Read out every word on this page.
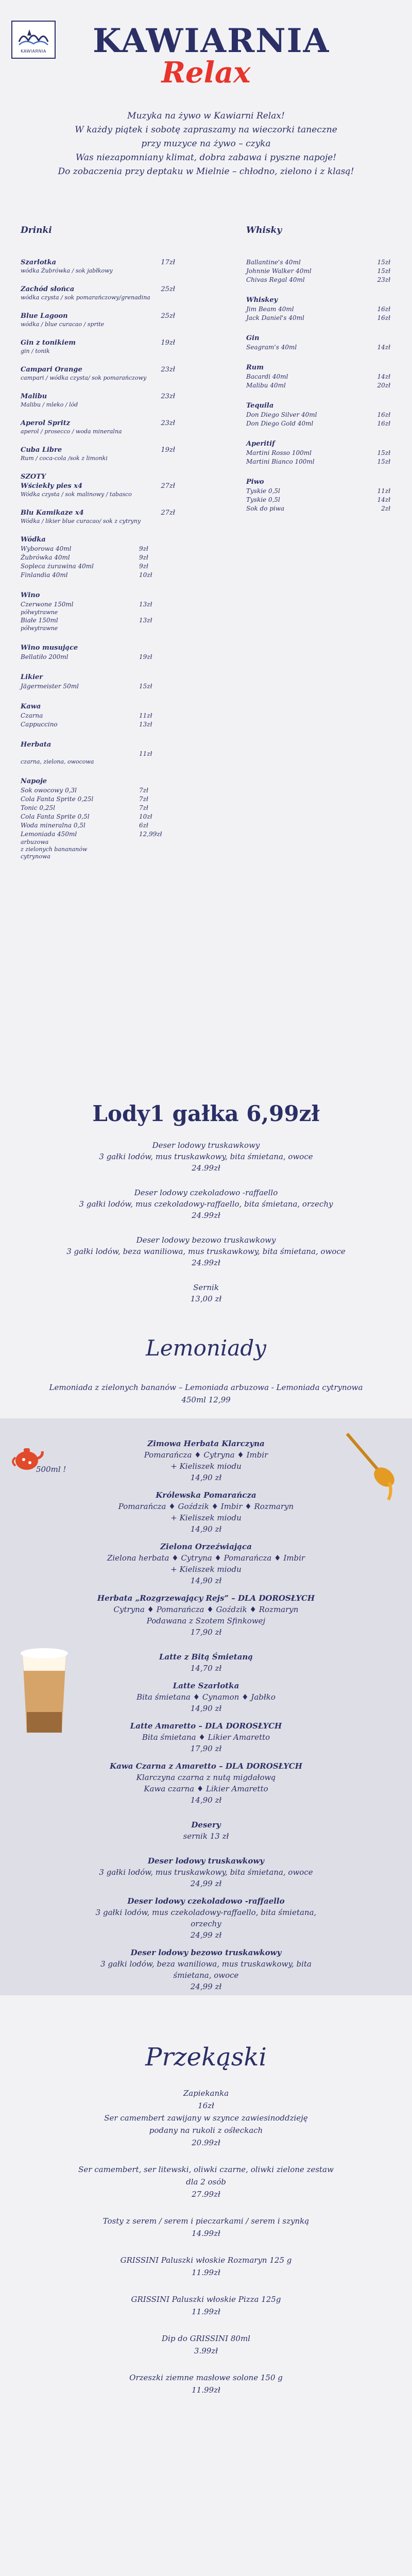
KAWIARNIA KAWIARNIA
Relax

Muzyka na żywo w Kawiarni Relax!

W każdy piątek i sobotę zapraszamy na wieczorki taneczne

przy muzyce na żywo – czyka

Was niezapomniany klimat, dobra zabawa i pyszne napoje!

Do zobaczenia przy deptaku w Mielnie – chłodno, zielono i z klasą!

Drinki
Szarlotka	17zł
wódka Żubrówka / sok jabłkowy
Zachód słońca	25zł
wódka czysta / sok pomarańczowy/grenadina
Blue Lagoon	25zł
wódka / blue curacao / sprite
Gin z tonikiem	19zł
gin / tonik
Campari Orange	23zł
campari / wódka czysta/ sok pomarańczowy
Malibu	23zł
Malibu / mleko / lód
Aperol Spritz	23zł
aperol / prosecco / woda mineralna
Cuba Libre	19zł
Rum / coca-cola /sok z limonki
SZOTY
Wściekły pies x4	27zł
Wódka czysta / sok malinowy / tabasco
Blu Kamikaze x4	27zł
Wódka / likier blue curacao/ sok z cytryny
Wódka
Wyborowa 40ml	9zł
Żubrówka 40ml	9zł
Sopleca żurawina 40ml	9zł
Finlandia 40ml	10zł
Wino
Czerwone 150ml	13zł
półwytrawne
Białe 150ml	13zł
półwytrawne
Wino musujące
Bellatiło 200ml	19zł
Likier
Jägermeister 50ml	15zł
Kawa
Czarna	11zł
Cappuccino	13zł
Herbata
11zł
czarna, zielona, owocowa
Napoje
Sok owocowy 0,3l	7zł
Cola Fanta Sprite 0,25l	7zł
Tonic 0,25l	7zł
Cola Fanta Sprite 0,5l	10zł
Woda mineralna 0,5l	6zł
Lemoniada 450ml	12,99zł
arbuzowa
z zielonych banananów
cytrynowa
Whisky
Ballantine's 40ml	15zł
Johnnie Walker 40ml	15zł
Chivas Regal 40ml	23zł
Whiskey
Jim Beam 40ml	16zł
Jack Daniel's 40ml	16zł
Gin
Seagram's 40ml	14zł
Rum
Bacardi 40ml	14zł
Malibu 40ml	20zł
Tequila
Don Diego Silver 40ml	16zł
Don Diego Gold 40ml	16zł
Aperitif
Martini Rosso 100ml	15zł
Martini Bianco 100ml	15zł
Piwo
Tyskie 0,5l	11zł
Tyskie 0,5l	14zł
Sok do piwa	2zł
Lody1 gałka 6,99zł
Deser lodowy truskawkowy
3 gałki lodów, mus truskawkowy, bita śmietana, owoce
24.99zł
Deser lodowy czekoladowo -raffaello
3 gałki lodów, mus czekoladowy-raffaello, bita śmietana, orzechy
24.99zł
Deser lodowy bezowo truskawkowy
3 gałki lodów, beza waniliowa, mus truskawkowy, bita śmietana, owoce
24.99zł
Sernik
13,00 zł
Lemoniady
Lemoniada z zielonych bananów – Lemoniada arbuzowa - Lemoniada cytrynowa
450ml 12,99
500ml !
Zimowa Herbata Klarczyna
Pomarańcza ♦ Cytryna ♦ Imbir
+ Kieliszek miodu
14,90 zł
Królewska Pomarańcza
Pomarańcza ♦ Goździk ♦ Imbir ♦ Rozmaryn
+ Kieliszek miodu
14,90 zł
Zielona Orzeźwiająca
Zielona herbata ♦ Cytryna ♦ Pomarańcza ♦ Imbir
+ Kieliszek miodu
14,90 zł
Herbata „Rozgrzewający Rejs” – DLA DOROSŁYCH
Cytryna ♦ Pomarańcza ♦ Goździk ♦ Rozmaryn
Podawana z Szotem Sfinkowej
17,90 zł
Latte z Bitą Śmietaną
14,70 zł
Latte Szarlotka
Bita śmietana ♦ Cynamon ♦ Jabłko
14,90 zł
Latte Amaretto – DLA DOROSŁYCH
Bita śmietana ♦ Likier Amaretto
17,90 zł
Kawa Czarna z Amaretto – DLA DOROSŁYCH
Klarczyna czarna z nutą migdałową
Kawa czarna ♦ Likier Amaretto
14,90 zł
Desery
sernik 13 zł
Deser lodowy truskawkowy
3 gałki lodów, mus truskawkowy, bita śmietana, owoce
24,99 zł
Deser lodowy czekoladowo -raffaello
3 gałki lodów, mus czekoladowy-raffaello, bita śmietana, orzechy
24,99 zł
Deser lodowy bezowo truskawkowy
3 gałki lodów, beza waniliowa, mus truskawkowy, bita śmietana, owoce
24,99 zł
Przekąski
Zapiekanka
16zł
Ser camembert zawijany w szynce zawiesinoddzieję
podany na rukoli z ośłeckach
20.99zł
Ser camembert, ser litewski, oliwki czarne, oliwki zielone zestaw
dla 2 osób
27.99zł
Tosty z serem / serem i pieczarkami / serem i szynką
14.99zł
GRISSINI Paluszki włoskie Rozmaryn 125 g
11.99zł
GRISSINI Paluszki włoskie Pizza 125g
11.99zł
Dip do GRISSINI 80ml
3.99zł
Orzeszki ziemne masłowe solone 150 g
11.99zł
